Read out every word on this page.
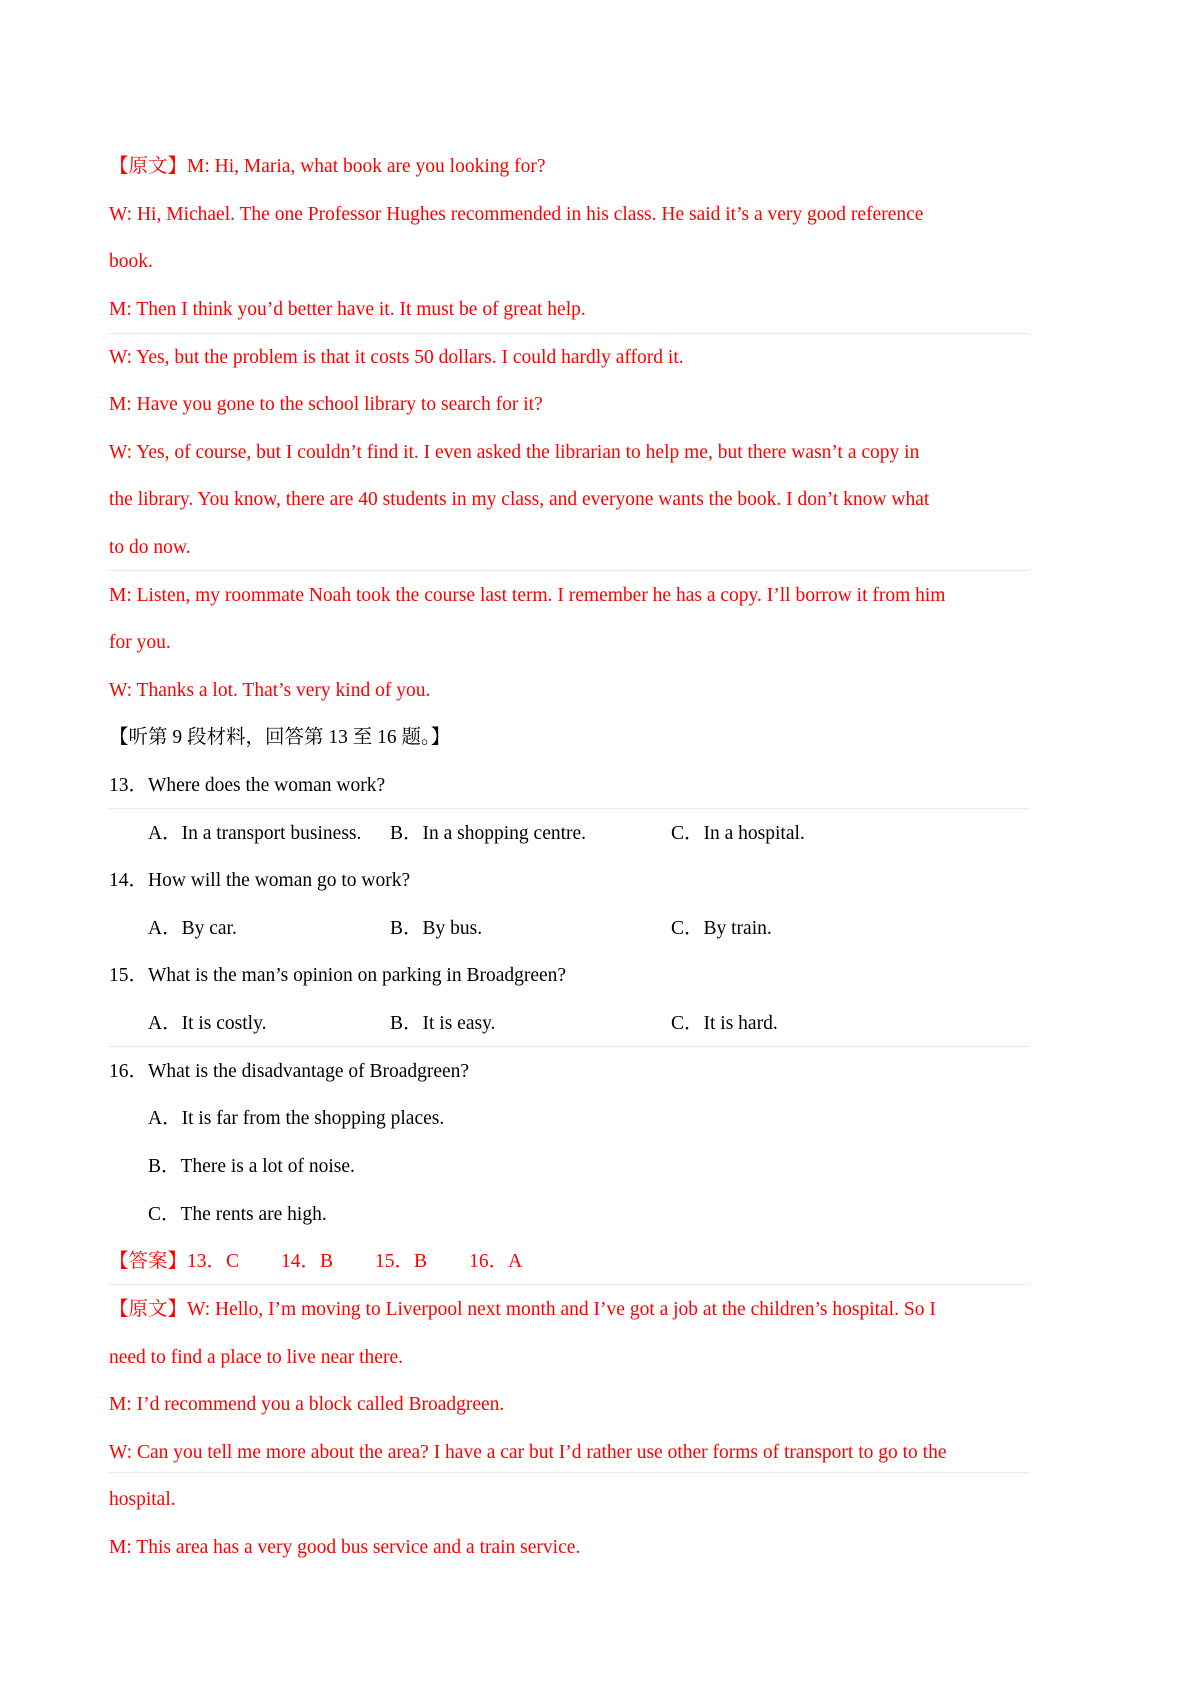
【原文】M: Hi, Maria, what book are you looking for?
W: Hi, Michael. The one Professor Hughes recommended in his class. He said it’s a very good reference
book.
M: Then I think you’d better have it. It must be of great help.
W: Yes, but the problem is that it costs 50 dollars. I could hardly afford it.
M: Have you gone to the school library to search for it?
W: Yes, of course, but I couldn’t find it. I even asked the librarian to help me, but there wasn’t a copy in
the library. You know, there are 40 students in my class, and everyone wants the book. I don’t know what
to do now.
M: Listen, my roommate Noah took the course last term. I remember he has a copy. I’ll borrow it from him
for you.
W: Thanks a lot. That’s very kind of you.
【听第 9 段材料，回答第 13 至 16 题。】
13．Where does the woman work?
A．In a transport business. B．In a shopping centre.	C．In a hospital.
14．How will the woman go to work?
A．By car.	B．By bus.	C．By train.
15．What is the man’s opinion on parking in Broadgreen?
A．It is costly.	B．It is easy.	C．It is hard.
16．What is the disadvantage of Broadgreen?
A．It is far from the shopping places.
B．There is a lot of noise.
C．The rents are high.
【答案】13．C 14．B 15．B 16．A
【原文】W: Hello, I’m moving to Liverpool next month and I’ve got a job at the children’s hospital. So I
need to find a place to live near there.
M: I’d recommend you a block called Broadgreen.
W: Can you tell me more about the area? I have a car but I’d rather use other forms of transport to go to the
hospital.
M: This area has a very good bus service and a train service.
